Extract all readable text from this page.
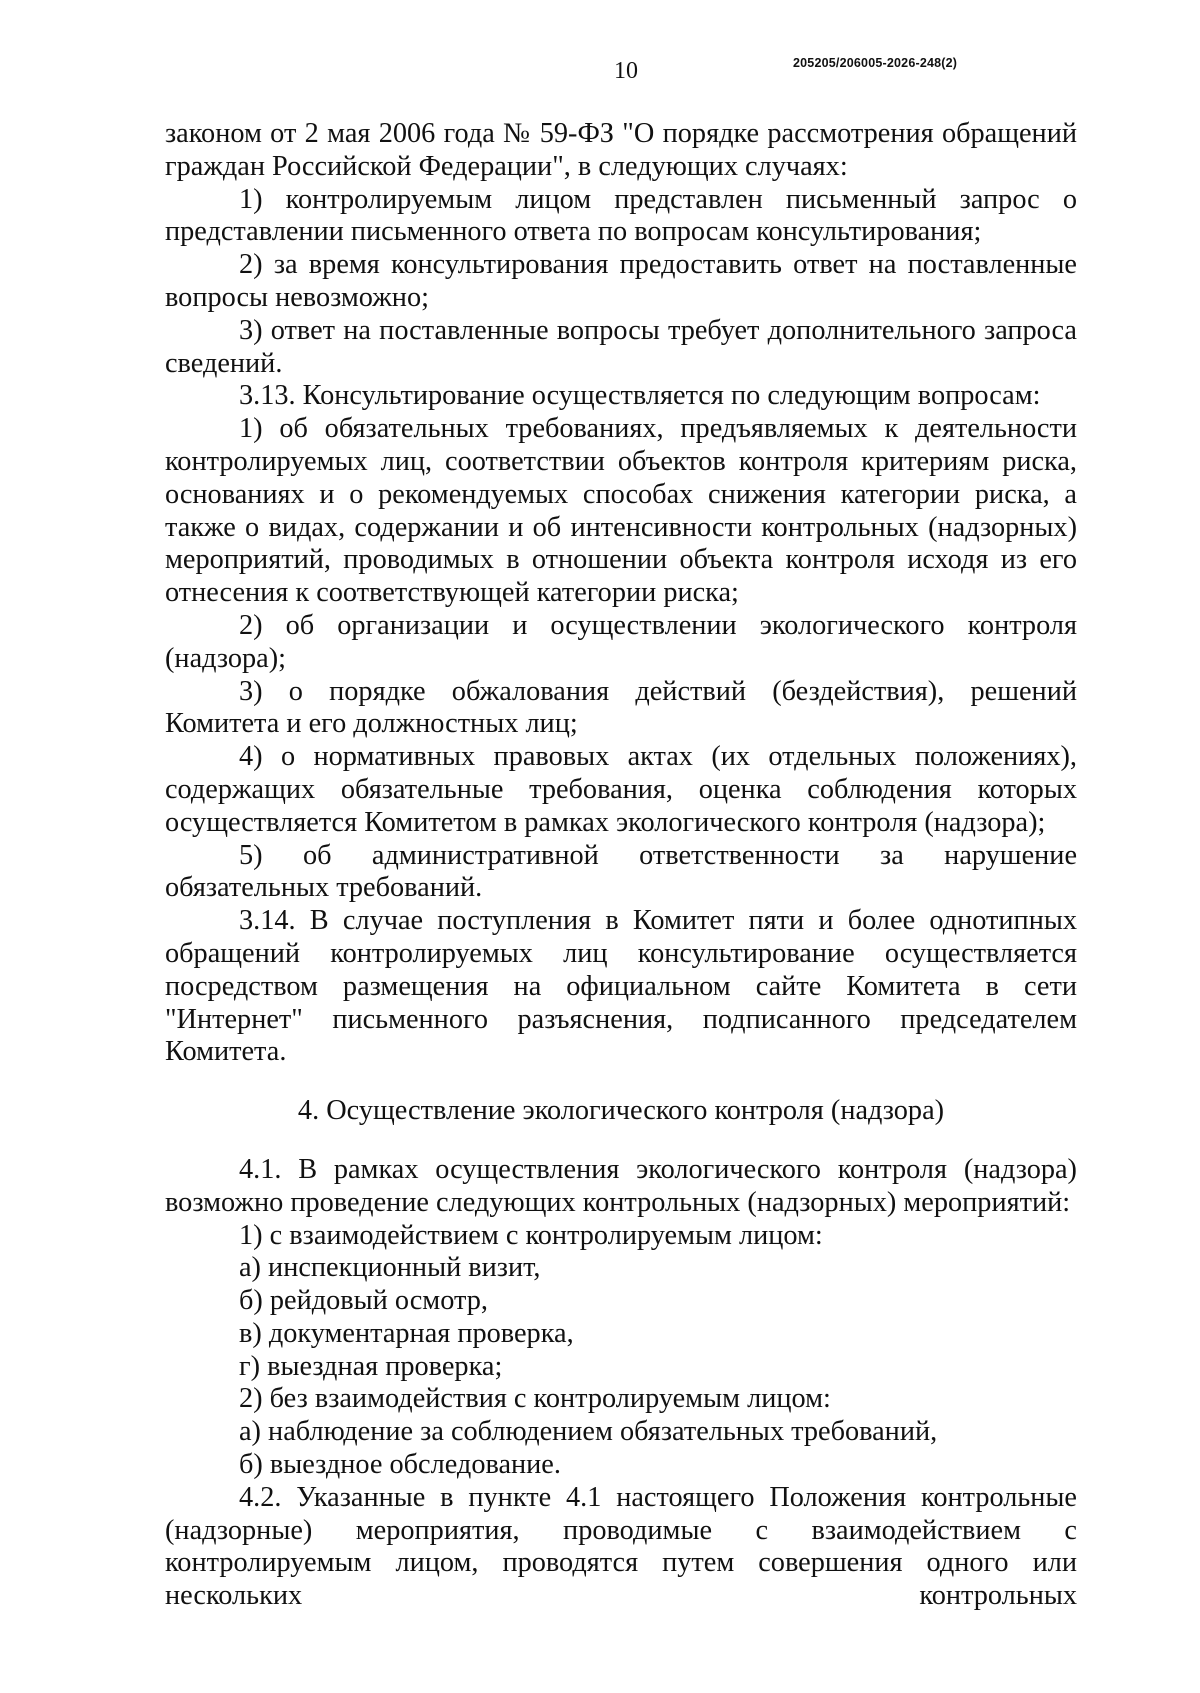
10	205205/206005-2026-248(2)

законом от 2 мая 2006 года № 59-ФЗ "О порядке рассмотрения обращений граждан Российской Федерации", в следующих случаях:

1) контролируемым лицом представлен письменный запрос о представлении письменного ответа по вопросам консультирования;

2) за время консультирования предоставить ответ на поставленные вопросы невозможно;

3) ответ на поставленные вопросы требует дополнительного запроса сведений.

3.13. Консультирование осуществляется по следующим вопросам:

1) об обязательных требованиях, предъявляемых к деятельности контролируемых лиц, соответствии объектов контроля критериям риска, основаниях и о рекомендуемых способах снижения категории риска, а также о видах, содержании и об интенсивности контрольных (надзорных) мероприятий, проводимых в отношении объекта контроля исходя из его отнесения к соответствующей категории риска;

2) об организации и осуществлении экологического контроля (надзора);

3) о порядке обжалования действий (бездействия), решений Комитета и его должностных лиц;

4) о нормативных правовых актах (их отдельных положениях), содержащих обязательные требования, оценка соблюдения которых осуществляется Комитетом в рамках экологического контроля (надзора);

5) об административной ответственности за нарушение обязательных требований.

3.14. В случае поступления в Комитет пяти и более однотипных обращений контролируемых лиц консультирование осуществляется посредством размещения на официальном сайте Комитета в сети "Интернет" письменного разъяснения, подписанного председателем Комитета.

4. Осуществление экологического контроля (надзора)

4.1. В рамках осуществления экологического контроля (надзора) возможно проведение следующих контрольных (надзорных) мероприятий:

1) с взаимодействием с контролируемым лицом:

а) инспекционный визит,

б) рейдовый осмотр,

в) документарная проверка,

г) выездная проверка;

2) без взаимодействия с контролируемым лицом:

а) наблюдение за соблюдением обязательных требований,

б) выездное обследование.

4.2. Указанные в пункте 4.1 настоящего Положения контрольные (надзорные) мероприятия, проводимые с взаимодействием с контролируемым лицом, проводятся путем совершения одного или нескольких контрольных
